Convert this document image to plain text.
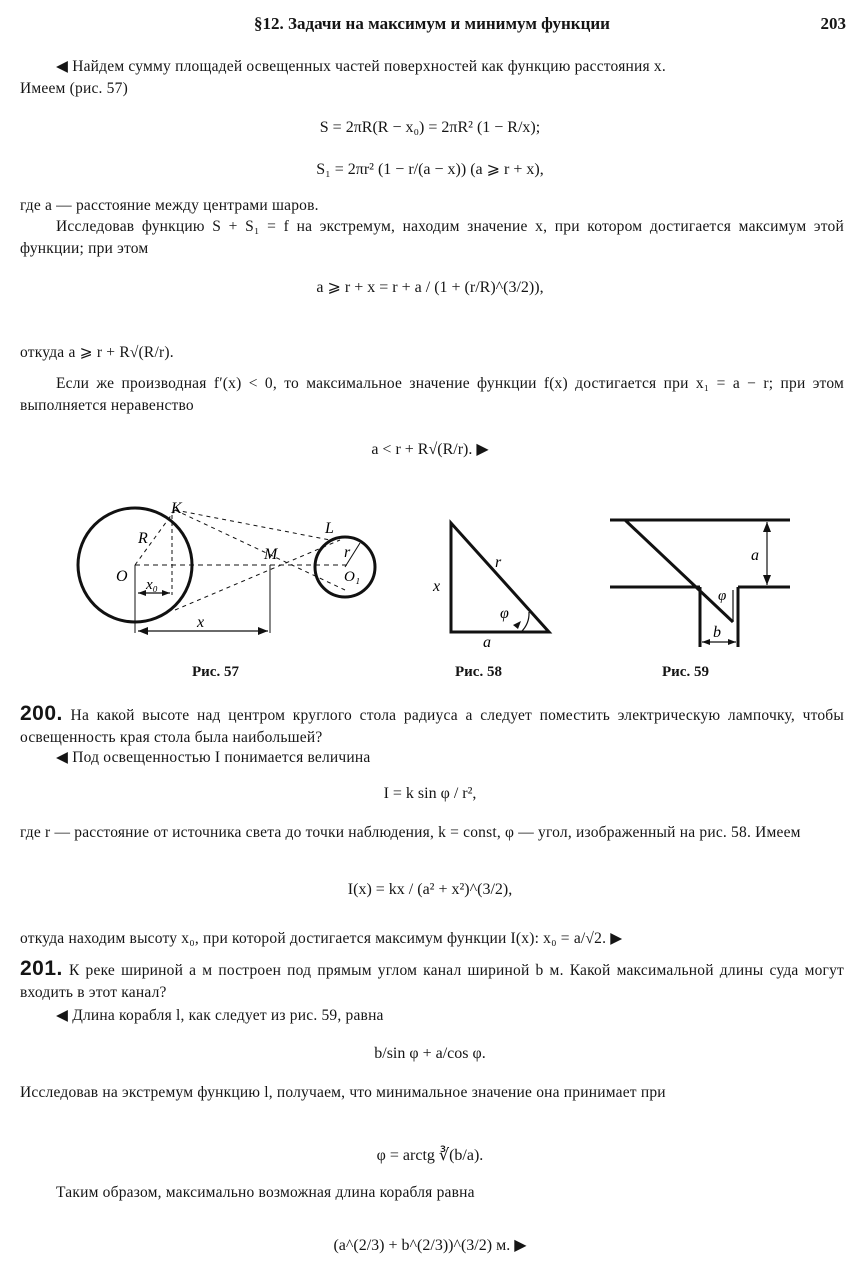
§12. Задачи на максимум и минимум функции	203
◀ Найдем сумму площадей освещенных частей поверхностей как функцию расстояния x.
Имеем (рис. 57)
S = 2πR(R − x₀) = 2πR² (1 − R/x);
S₁ = 2πr² (1 − r/(a − x)) (a ⩾ r + x),
где a — расстояние между центрами шаров.
Исследовав функцию S + S₁ = f на экстремум, находим значение x, при котором достигается максимум этой функции; при этом
a ⩾ r + x = r + a / (1 + (r/R)^(3/2)),
откуда a ⩾ r + R√(R/r).
Если же производная f′(x) < 0, то максимальное значение функции f(x) достигается при x₁ = a − r; при этом выполняется неравенство
a < r + R√(R/r). ▶
K
R
O x₀
M
L
r
O₁
x
Рис. 57
r
x
φ
a
Рис. 58
a
φ
b
Рис. 59
200. На какой высоте над центром круглого стола радиуса a следует поместить электрическую лампочку, чтобы освещенность края стола была наибольшей?
◀ Под освещенностью I понимается величина
I = k sin φ / r²,
где r — расстояние от источника света до точки наблюдения, k = const, φ — угол, изображенный на рис. 58. Имеем
I(x) = kx / (a² + x²)^(3/2),
откуда находим высоту x₀, при которой достигается максимум функции I(x): x₀ = a/√2. ▶
201. К реке шириной a м построен под прямым углом канал шириной b м. Какой максимальной длины суда могут входить в этот канал?
◀ Длина корабля l, как следует из рис. 59, равна
b/sin φ + a/cos φ.
Исследовав на экстремум функцию l, получаем, что минимальное значение она принимает при
φ = arctg ∛(b/a).
Таким образом, максимально возможная длина корабля равна
(a^(2/3) + b^(2/3))^(3/2) м. ▶
